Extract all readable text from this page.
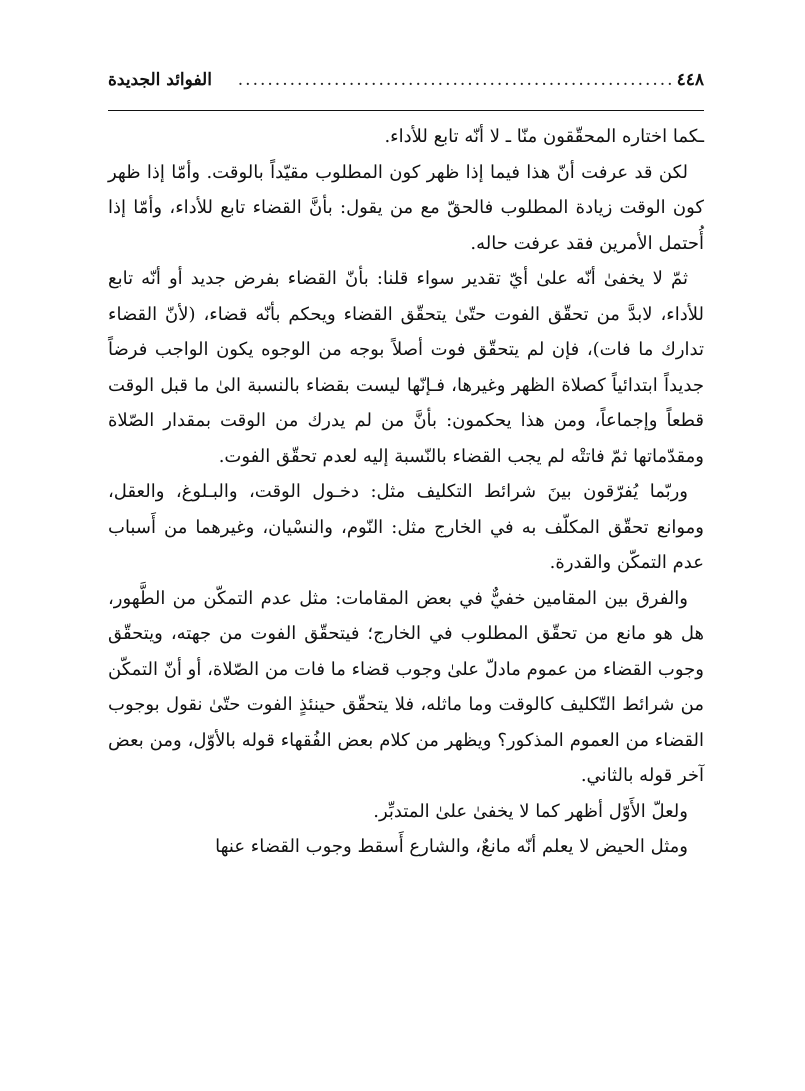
٤٤٨
...........................................................
الفوائد الجديدة

ـكما اختاره المحقّقون منّا ـ لا أنّه تابع للأداء.

لكن قد عرفت أنّ هذا فيما إذا ظهر كون المطلوب مقيّداً بالوقت. وأمّا إذا ظهر كون الوقت زيادة المطلوب فالحقّ مع من يقول: بأنَّ القضاء تابع للأداء، وأمّا إذا أُحتمل الأمرين فقد عرفت حاله.

ثمّ لا يخفىٰ أنّه علىٰ أيّ تقدير سواء قلنا: بأنّ القضاء بفرض جديد أو أنّه تابع للأداء، لابدَّ من تحقّق الفوت حتّىٰ يتحقّق القضاء ويحكم بأنّه قضاء، (لأنّ القضاء تدارك ما فات)، فإن لم يتحقّق فوت أصلاً بوجه من الوجوه يكون الواجب فرضاً جديداً ابتدائياً كصلاة الظهر وغيرها، فـإنّها ليست بقضاء بالنسبة الىٰ ما قبل الوقت قطعاً وإجماعاً، ومن هذا يحكمون: بأنَّ من لم يدرك من الوقت بمقدار الصّلاة ومقدّماتها ثمّ فاتتْه لم يجب القضاء بالنّسبة إليه لعدم تحقّق الفوت.

وربّما يُفرّقون بينَ شرائط التكليف مثل: دخـول الوقت، والبـلوغ، والعقل، وموانع تحقّق المكلّف به في الخارج مثل: النّوم، والنسْيان، وغيرهما من أَسباب عدم التمكّن والقدرة.

والفرق بين المقامين خفيٌّ في بعض المقامات: مثل عدم التمكّن من الطَّهور، هل هو مانع من تحقّق المطلوب في الخارج؛ فيتحقّق الفوت من جهته، ويتحقّق وجوب القضاء من عموم مادلّ علىٰ وجوب قضاء ما فات من الصّلاة، أو أنّ التمكّن من شرائط التّكليف كالوقت وما ماثله، فلا يتحقّق حينئذٍ الفوت حتّىٰ نقول بوجوب القضاء من العموم المذكور؟ ويظهر من كلام بعض الفُقهاء قوله بالأوّل، ومن بعض آخر قوله بالثاني.

ولعلّ الأَوّل أظهر كما لا يخفىٰ علىٰ المتدبِّر.

ومثل الحيض لا يعلم أنّه مانعٌ، والشارع أَسقط وجوب القضاء عنها
